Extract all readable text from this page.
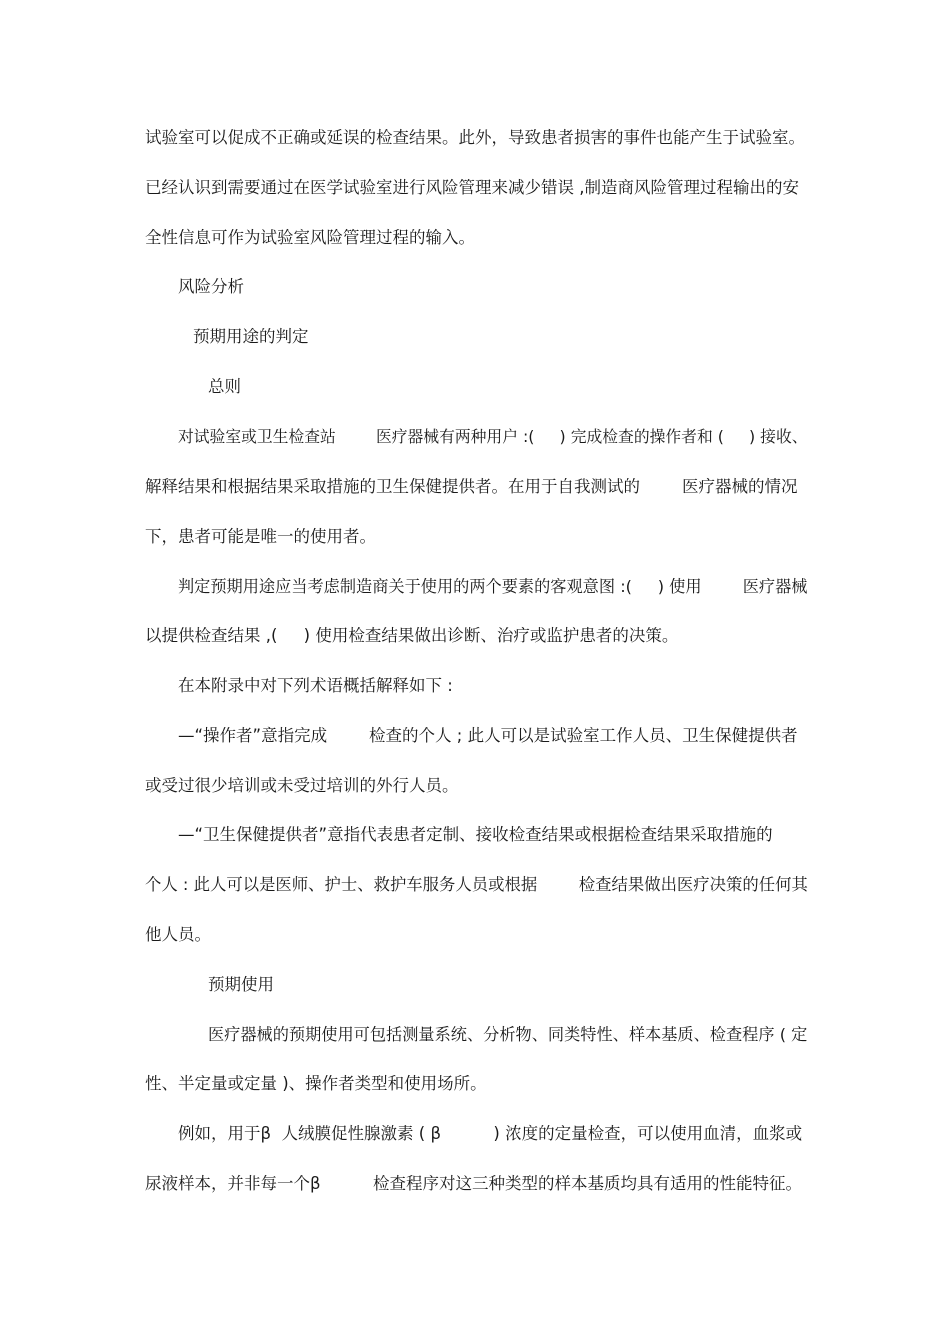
试验室可以促成不正确或延误的检查结果。此外，导致患者损害的事件也能产生于试验室。
已经认识到需要通过在医学试验室进行风险管理来减少错误 ,制造商风险管理过程输出的安
全性信息可作为试验室风险管理过程的输入。
风险分析
预期用途的判定
总则
对试验室或卫生检查站        医疗器械有两种用户 :(     ) 完成检查的操作者和 (     ) 接收、
解释结果和根据结果采取措施的卫生保健提供者。在用于自我测试的        医疗器械的情况
下，患者可能是唯一的使用者。
判定预期用途应当考虑制造商关于使用的两个要素的客观意图 :(     ) 使用        医疗器械
以提供检查结果 ,(     ) 使用检查结果做出诊断、治疗或监护患者的决策。
在本附录中对下列术语概括解释如下 :
—“操作者”意指完成        检查的个人 ; 此人可以是试验室工作人员、卫生保健提供者
或受过很少培训或未受过培训的外行人员。
—“卫生保健提供者”意指代表患者定制、接收检查结果或根据检查结果采取措施的
个人 : 此人可以是医师、护士、救护车服务人员或根据        检查结果做出医疗决策的任何其
他人员。
预期使用
医疗器械的预期使用可包括测量系统、分析物、同类特性、样本基质、检查程序 ( 定
性、半定量或定量 )、操作者类型和使用场所。
例如，用于β  人绒膜促性腺激素 ( β          ) 浓度的定量检查，可以使用血清，血浆或
尿液样本，并非每一个β          检查程序对这三种类型的样本基质均具有适用的性能特征。
